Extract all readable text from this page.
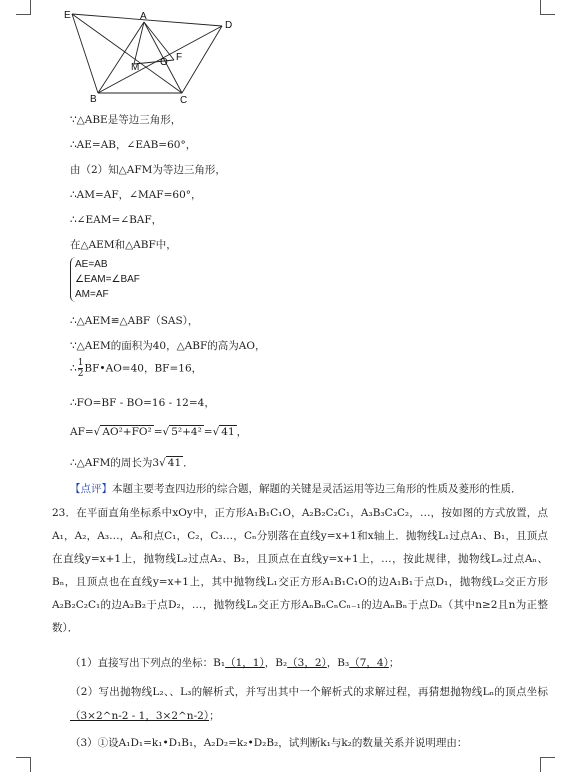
E	A
D
M O F
B	C
∵△ABE是等边三角形，
∴AE=AB，∠EAB=60°，
由（2）知△AFM为等边三角形，
∴AM=AF，∠MAF=60°，
∴∠EAM=∠BAF，
在△AEM和△ABF中，
AE=AB
∠EAM=∠BAF
AM=AF
∴△AEM≌△ABF（SAS），
∵△AEM的面积为40，△ABF的高为AO，
∴ $\frac{1}{2}$ BF•AO=40，BF=16，
∴FO=BF - BO=16 - 12=4，
AF=√ AO²+FO² =√ 5²+4² =√ 41 ，
∴△AFM的周长为3√ 41 ．
【点评】本题主要考查四边形的综合题，解题的关键是灵活运用等边三角形的性质及菱形的性质．
23．在平面直角坐标系中xOy中，正方形A₁B₁C₁O，A₂B₂C₂C₁，A₃B₃C₃C₂，…，按如图的方式放置，点A₁，A₂，A₃…，Aₙ和点C₁，C₂，C₃…，Cₙ分别落在直线y=x+1和x轴上．抛物线L₁过点A₁、B₁，且顶点在直线y=x+1上，抛物线L₂过点A₂、B₂，且顶点在直线y=x+1上，…，按此规律，抛物线Lₙ过点Aₙ、Bₙ，且顶点也在直线y=x+1上，其中抛物线L₁交正方形A₁B₁C₁O的边A₁B₁于点D₁，抛物线L₂交正方形A₂B₂C₂C₁的边A₂B₂于点D₂，…，抛物线Lₙ交正方形AₙBₙCₙCₙ₋₁的边AₙBₙ于点Dₙ（其中n≥2且n为正整数）．
（1）直接写出下列点的坐标：B₁（1，1），B₂（3，2），B₃（7，4）；
（2）写出抛物线L₂、、L₃的解析式，并写出其中一个解析式的求解过程，再猜想抛物线Lₙ的顶点坐标（3×2^n-2 - 1，3×2^n-2）；
（3）①设A₁D₁=k₁•D₁B₁，A₂D₂=k₂•D₂B₂，试判断k₁与k₂的数量关系并说明理由：
